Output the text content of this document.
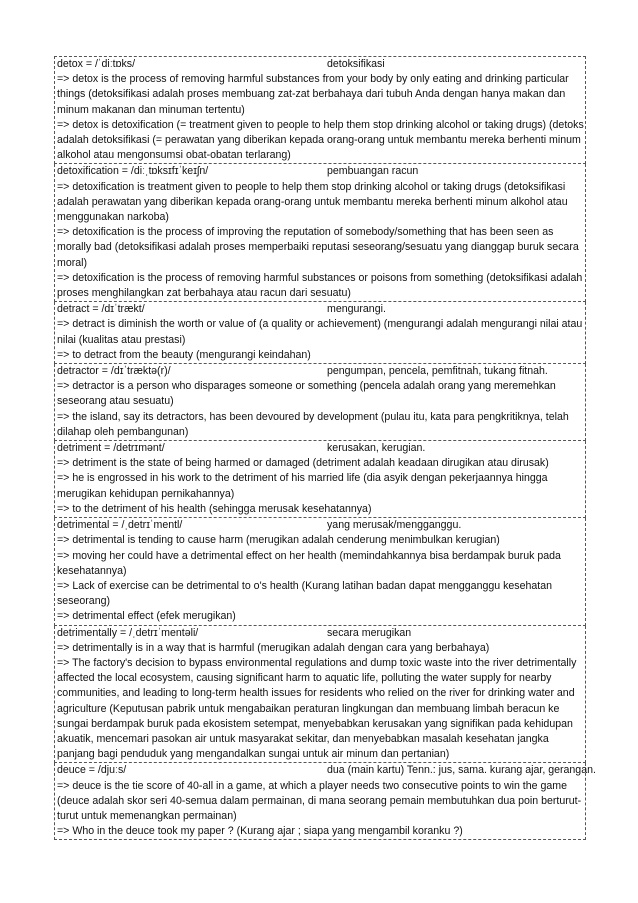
detox = /ˈdiːtɒks/	detoksifikasi
=> detox is the process of removing harmful substances from your body by only eating and drinking particular things (detoksifikasi adalah proses membuang zat-zat berbahaya dari tubuh Anda dengan hanya makan dan minum makanan dan minuman tertentu)
=> detox is detoxification (= treatment given to people to help them stop drinking alcohol or taking drugs) (detoks adalah detoksifikasi (= perawatan yang diberikan kepada orang-orang untuk membantu mereka berhenti minum alkohol atau mengonsumsi obat-obatan terlarang)
detoxification = /diːˌtɒksɪfɪˈkeɪʃn/	pembuangan racun
=> detoxification is treatment given to people to help them stop drinking alcohol or taking drugs (detoksifikasi adalah perawatan yang diberikan kepada orang-orang untuk membantu mereka berhenti minum alkohol atau menggunakan narkoba)
=> detoxification is the process of improving the reputation of somebody/something that has been seen as morally bad (detoksifikasi adalah proses memperbaiki reputasi seseorang/sesuatu yang dianggap buruk secara moral)
=> detoxification is the process of removing harmful substances or poisons from something (detoksifikasi adalah proses menghilangkan zat berbahaya atau racun dari sesuatu)
detract = /dɪˈtrækt/	mengurangi.
=> detract is diminish the worth or value of (a quality or achievement) (mengurangi adalah mengurangi nilai atau nilai (kualitas atau prestasi)
=> to detract from the beauty (mengurangi keindahan)
detractor = /dɪˈtræktə(r)/	pengumpan, pencela, pemfitnah, tukang fitnah.
=> detractor is a person who disparages someone or something (pencela adalah orang yang meremehkan seseorang atau sesuatu)
=> the island, say its detractors, has been devoured by development (pulau itu, kata para pengkritiknya, telah dilahap oleh pembangunan)
detriment = /detrɪmənt/	kerusakan, kerugian.
=> detriment is the state of being harmed or damaged (detriment adalah keadaan dirugikan atau dirusak)
=> he is engrossed in his work to the detriment of his married life (dia asyik dengan pekerjaannya hingga merugikan kehidupan pernikahannya)
=> to the detriment of his health (sehingga merusak kesehatannya)
detrimental = /ˌdetrɪˈmentl/	yang merusak/mengganggu.
=> detrimental is tending to cause harm (merugikan adalah cenderung menimbulkan kerugian)
=> moving her could have a detrimental effect on her health (memindahkannya bisa berdampak buruk pada kesehatannya)
=> Lack of exercise can be detrimental to o's health (Kurang latihan badan dapat mengganggu kesehatan seseorang)
=> detrimental effect (efek merugikan)
detrimentally = /ˌdetrɪˈmentəli/	secara merugikan
=> detrimentally is in a way that is harmful (merugikan adalah dengan cara yang berbahaya)
=> The factory's decision to bypass environmental regulations and dump toxic waste into the river detrimentally affected the local ecosystem, causing significant harm to aquatic life, polluting the water supply for nearby communities, and leading to long-term health issues for residents who relied on the river for drinking water and agriculture (Keputusan pabrik untuk mengabaikan peraturan lingkungan dan membuang limbah beracun ke sungai berdampak buruk pada ekosistem setempat, menyebabkan kerusakan yang signifikan pada kehidupan akuatik, mencemari pasokan air untuk masyarakat sekitar, dan menyebabkan masalah kesehatan jangka panjang bagi penduduk yang mengandalkan sungai untuk air minum dan pertanian)
deuce = /djuːs/	dua (main kartu) Tenn.: jus, sama. kurang ajar, gerangan.
=> deuce is the tie score of 40-all in a game, at which a player needs two consecutive points to win the game (deuce adalah skor seri 40-semua dalam permainan, di mana seorang pemain membutuhkan dua poin berturut-turut untuk memenangkan permainan)
=> Who in the deuce took my paper ? (Kurang ajar ; siapa yang mengambil koranku ?)
